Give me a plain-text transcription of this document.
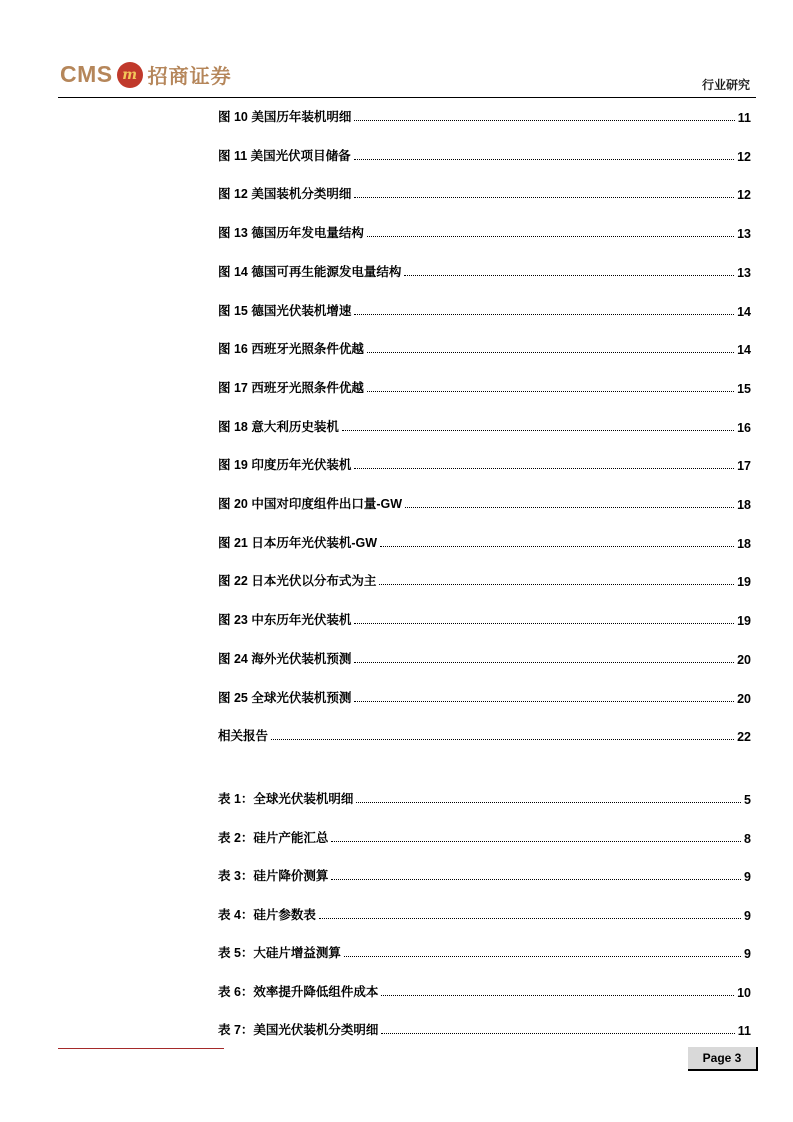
CMS m 招商证券	行业研究
图 10 美国历年装机明细	11
图 11 美国光伏项目储备	12
图 12 美国装机分类明细	12
图 13 德国历年发电量结构	13
图 14 德国可再生能源发电量结构	13
图 15 德国光伏装机增速	14
图 16 西班牙光照条件优越	14
图 17 西班牙光照条件优越	15
图 18 意大利历史装机	16
图 19 印度历年光伏装机	17
图 20 中国对印度组件出口量-GW	18
图 21 日本历年光伏装机-GW	18
图 22 日本光伏以分布式为主	19
图 23 中东历年光伏装机	19
图 24 海外光伏装机预测	20
图 25 全球光伏装机预测	20
相关报告	22
表 1：全球光伏装机明细	5
表 2：硅片产能汇总	8
表 3：硅片降价测算	9
表 4：硅片参数表	9
表 5：大硅片增益测算	9
表 6：效率提升降低组件成本	10
表 7：美国光伏装机分类明细	11
Page 3
